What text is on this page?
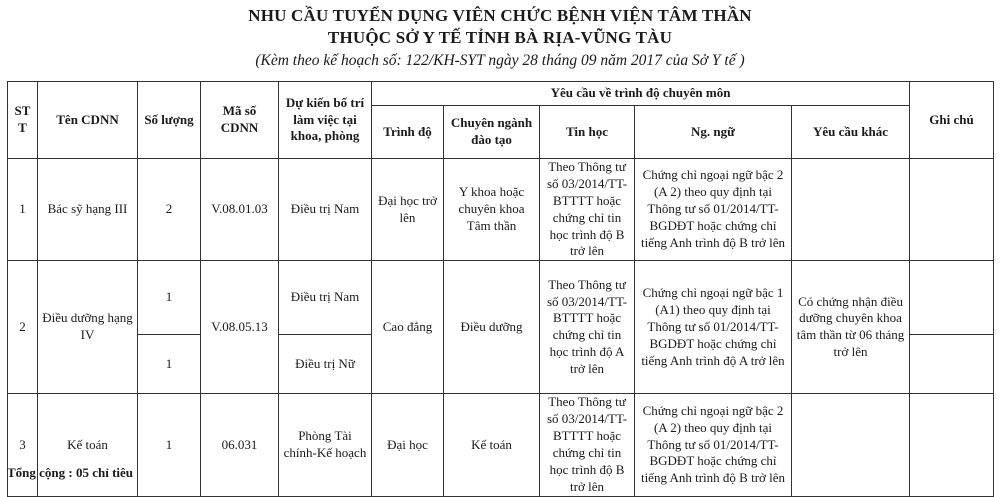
NHU CẦU TUYỂN DỤNG VIÊN CHỨC BỆNH VIỆN TÂM THẦN
THUỘC SỞ Y TẾ TỈNH BÀ RỊA-VŨNG TÀU
(Kèm theo kế hoạch số: 122/KH-SYT ngày 28 tháng 09 năm 2017 của Sở Y tế )
ST T	Tên CDNN	Số lượng	Mã số CDNN	Dự kiến bố trí làm việc tại khoa, phòng	Yêu cầu về trình độ chuyên môn					Ghi chú
					Trình độ	Chuyên ngành đào tạo	Tin học	Ng. ngữ	Yêu cầu khác	
1	Bác sỹ hạng III	2	V.08.01.03	Điều trị Nam	Đại học trở lên	Y khoa hoặc chuyên khoa Tâm thần	Theo Thông tư số 03/2014/TT-BTTTT hoặc chứng chỉ tin học trình độ B trở lên	Chứng chỉ ngoại ngữ bậc 2 (A 2) theo quy định tại Thông tư số 01/2014/TT-BGDĐT hoặc chứng chỉ tiếng Anh trình độ B trở lên		
2	Điều dưỡng hạng IV	1	V.08.05.13	Điều trị Nam	Cao đẳng	Điều dưỡng	Theo Thông tư số 03/2014/TT-BTTTT hoặc chứng chỉ tin học trình độ A trở lên	Chứng chỉ ngoại ngữ bậc 1 (A1) theo quy định tại Thông tư số 01/2014/TT-BGDĐT hoặc chứng chỉ tiếng Anh trình độ A trở lên	Có chứng nhận điều dưỡng chuyên khoa tâm thần từ 06 tháng trở lên	
		1		Điều trị Nữ						
3	Kế toán	1	06.031	Phòng Tài chính-Kế hoạch	Đại học	Kế toán	Theo Thông tư số 03/2014/TT-BTTTT hoặc chứng chỉ tin học trình độ B trở lên	Chứng chỉ ngoại ngữ bậc 2 (A 2) theo quy định tại Thông tư số 01/2014/TT-BGDĐT hoặc chứng chỉ tiếng Anh trình độ B trở lên		
Tổng cộng : 05 chỉ tiêu
